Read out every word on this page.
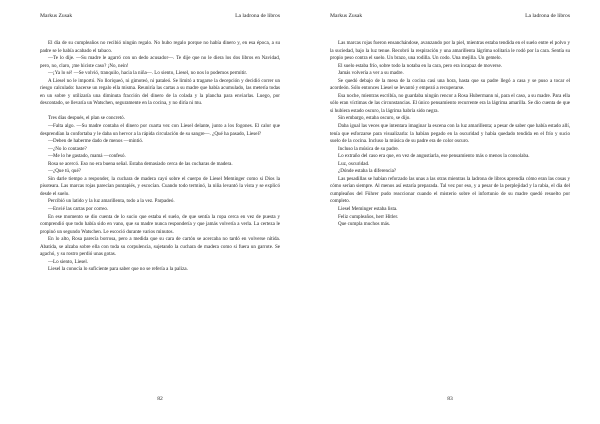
Markus Zusak	La ladrona de libros

El día de su cumpleaños no recibió ningún regalo. No hubo regalo porque no había dinero y, en esa época, a su padre se le había acabado el tabaco.

—Te lo dije. —Su madre le agarró con un dedo acusador—. Te dije que no le diera los dos libros en Navidad, pero, no, claro, ¡me hiciste caso? ¡No, nein!

—¡Ya lo sé! —Se volvió, tranquilo, hacia la niña—. Lo siento, Liesel, no nos lo podemos permitir.

A Liesel no le importó. No lloriqueó, ni gimoteó, ni pataleó. Se limitó a tragarse la decepción y decidió correr un riesgo calculado: hacerse un regalo ella misma. Reuniría las cartas a su madre que había acumulado, las metería todas en un sobre y utilizaría una diminuta fracción del dinero de la colada y la plancha para enviarlas. Luego, por descontado, se llevaría un Watschen, seguramente en la cocina, y no diría ni mu.

Tres días después, el plan se concretó.

—Falta algo. —Su madre contaba el dinero por cuarta vez con Liesel delante, junto a los fogones. El calor que desprendían la confortaba y le daba un hervor a la rápida circulación de su sangre—. ¿Qué ha pasado, Liesel?

—Deben de haberme dado de menos —mintió.

—¿No lo contaste?

—Me lo he gastado, mamá —confesó.

Rosa se acercó. Eso no era buena señal. Estaba demasiado cerca de las cucharas de madera.

—¿Que tú, qué?

Sin darle tiempo a responder, la cuchara de madera cayó sobre el cuerpo de Liesel Meminger como si Dios la pisoteara. Las marcas rojas parecían puntapiés, y escocían. Cuando todo terminó, la niña levantó la vista y se explicó desde el suelo.

Percibió un latido y la luz amarillenta, todo a la vez. Parpadeó.

—Envié las cartas por correo.

En ese momento se dio cuenta de lo sucio que estaba el suelo, de que sentía la ropa cerca en vez de puesta y comprendió que todo había sido en vano, que su madre nunca respondería y que jamás volvería a verla. La certeza le propinó un segundo Watschen. Le escoció durante varios minutos.

En lo alto, Rosa parecía borrosa, pero a medida que su cara de cartón se acercaba no tardó en volverse nítida. Abatida, se alzaba sobre ella con toda su corpulencia, sujetando la cuchara de madera como si fuera un garrote. Se agachó, y su rostro perdió unas gotas.

—Lo siento, Liesel.

Liesel la conocía lo suficiente para saber que no se refería a la paliza.

82
Markus Zusak	La ladrona de libros

Las marcas rojas fueron ensanchándose, avanzando por la piel, mientras estaba tendida en el suelo entre el polvo y la suciedad, bajo la luz tenue. Recobró la respiración y una amarillenta lágrima solitaria le rodó por la cara. Sentía su propio peso contra el suelo. Un brazo, una rodilla. Un codo. Una mejilla. Un gemelo.

El suelo estaba frío, sobre todo la notaba en la cara, pero era incapaz de moverse.

Jamás volvería a ver a su madre.

Se quedó debajo de la mesa de la cocina casi una hora, hasta que su padre llegó a casa y se puso a tocar el acordeón. Sólo entonces Liesel se levantó y empezó a recuperarse.

Esa noche, mientras escribía, no guardaba ningún rencor a Rosa Hubermann ni, para el caso, a su madre. Para ella sólo eran víctimas de las circunstancias. El único pensamiento recurrente era la lágrima amarilla. Se dio cuenta de que si hubiera estado oscuro, la lágrima habría sido negra.

Sin embargo, estaba oscuro, se dijo.

Daba igual las veces que intentara imaginar la escena con la luz amarillenta; a pesar de saber que había estado allí, tenía que esforzarse para visualizarla: la habían pegado en la oscuridad y había quedado tendida en el frío y sucio suelo de la cocina. Incluso la música de su padre era de color oscuro.

Incluso la música de su padre.

Lo extraño del caso era que, en vez de angustiarla, ese pensamiento más o menos la consolaba.

Luz, oscuridad.

¿Dónde estaba la diferencia?

Las pesadillas se habían reforzado las unas a las otras mientras la ladrona de libros aprendía cómo eran las cosas y cómo serían siempre. Al menos así estaría preparada. Tal vez por eso, y a pesar de la perplejidad y la rabia, el día del cumpleaños del Führer pudo reaccionar cuando el misterio sobre el infortunio de su madre quedó resuelto por completo.

Liesel Meminger estaba lista.

Feliz cumpleaños, herr Hitler.

Que cumpla muchos más.

83
